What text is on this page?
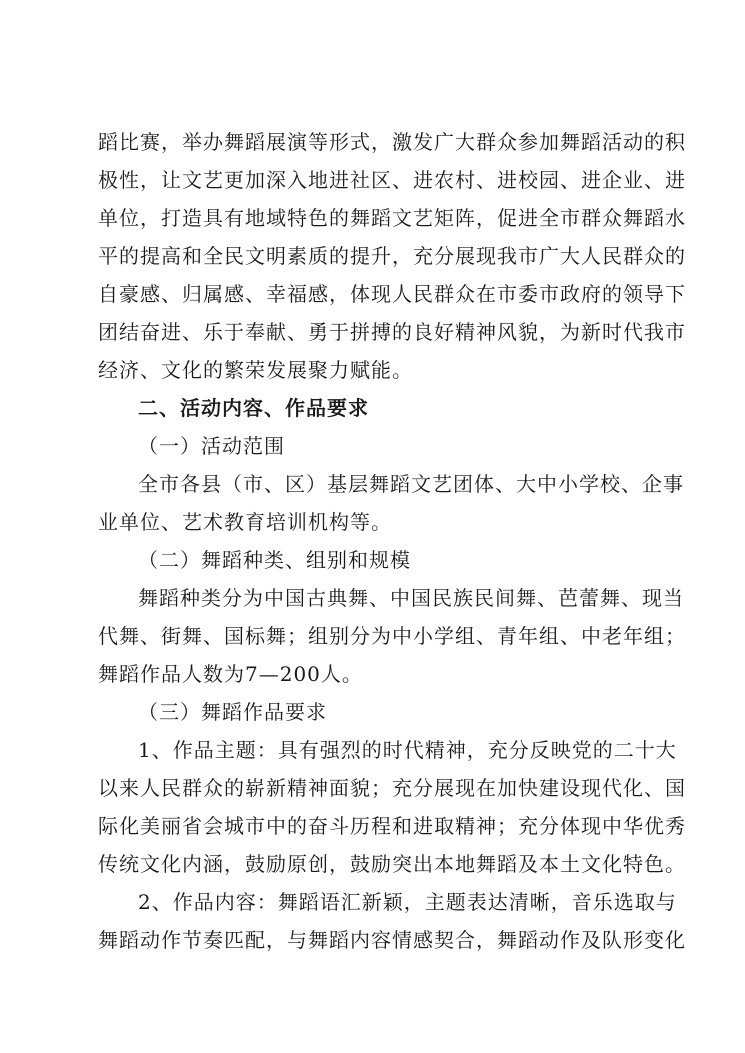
蹈比赛，举办舞蹈展演等形式，激发广大群众参加舞蹈活动的积
极性，让文艺更加深入地进社区、进农村、进校园、进企业、进
单位，打造具有地域特色的舞蹈文艺矩阵，促进全市群众舞蹈水
平的提高和全民文明素质的提升，充分展现我市广大人民群众的
自豪感、归属感、幸福感，体现人民群众在市委市政府的领导下
团结奋进、乐于奉献、勇于拼搏的良好精神风貌，为新时代我市
经济、文化的繁荣发展聚力赋能。
二、活动内容、作品要求
（一）活动范围
全市各县（市、区）基层舞蹈文艺团体、大中小学校、企事
业单位、艺术教育培训机构等。
（二）舞蹈种类、组别和规模
舞蹈种类分为中国古典舞、中国民族民间舞、芭蕾舞、现当
代舞、街舞、国标舞；组别分为中小学组、青年组、中老年组；
舞蹈作品人数为7—200人。
（三）舞蹈作品要求
1、作品主题：具有强烈的时代精神，充分反映党的二十大
以来人民群众的崭新精神面貌；充分展现在加快建设现代化、国
际化美丽省会城市中的奋斗历程和进取精神；充分体现中华优秀
传统文化内涵，鼓励原创，鼓励突出本地舞蹈及本土文化特色。
2、作品内容：舞蹈语汇新颖，主题表达清晰，音乐选取与
舞蹈动作节奏匹配，与舞蹈内容情感契合，舞蹈动作及队形变化
